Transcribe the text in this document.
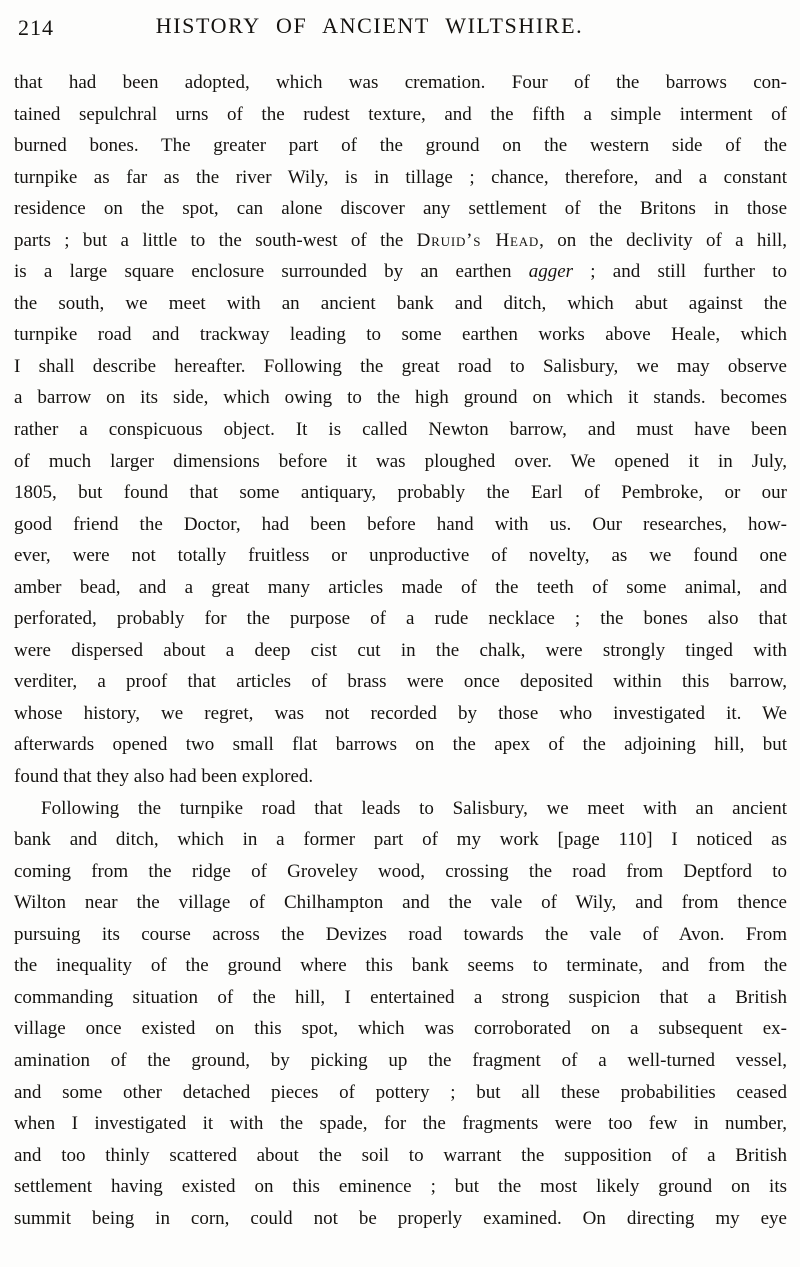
214	HISTORY OF ANCIENT WILTSHIRE.
that had been adopted, which was cremation. Four of the barrows con-
tained sepulchral urns of the rudest texture, and the fifth a simple interment of
burned bones. The greater part of the ground on the western side of the
turnpike as far as the river Wily, is in tillage ; chance, therefore, and a constant
residence on the spot, can alone discover any settlement of the Britons in those
parts ; but a little to the south-west of the Druid’s Head, on the declivity of a hill,
is a large square enclosure surrounded by an earthen agger ; and still further to
the south, we meet with an ancient bank and ditch, which abut against the
turnpike road and trackway leading to some earthen works above Heale, which
I shall describe hereafter. Following the great road to Salisbury, we may observe
a barrow on its side, which owing to the high ground on which it stands. becomes
rather a conspicuous object. It is called Newton barrow, and must have been
of much larger dimensions before it was ploughed over. We opened it in July,
1805, but found that some antiquary, probably the Earl of Pembroke, or our
good friend the Doctor, had been before hand with us. Our researches, how-
ever, were not totally fruitless or unproductive of novelty, as we found one
amber bead, and a great many articles made of the teeth of some animal, and
perforated, probably for the purpose of a rude necklace ; the bones also that
were dispersed about a deep cist cut in the chalk, were strongly tinged with
verditer, a proof that articles of brass were once deposited within this barrow,
whose history, we regret, was not recorded by those who investigated it. We
afterwards opened two small flat barrows on the apex of the adjoining hill, but
found that they also had been explored.
Following the turnpike road that leads to Salisbury, we meet with an ancient
bank and ditch, which in a former part of my work [page 110] I noticed as
coming from the ridge of Groveley wood, crossing the road from Deptford to
Wilton near the village of Chilhampton and the vale of Wily, and from thence
pursuing its course across the Devizes road towards the vale of Avon. From
the inequality of the ground where this bank seems to terminate, and from the
commanding situation of the hill, I entertained a strong suspicion that a British
village once existed on this spot, which was corroborated on a subsequent ex-
amination of the ground, by picking up the fragment of a well-turned vessel,
and some other detached pieces of pottery ; but all these probabilities ceased
when I investigated it with the spade, for the fragments were too few in number,
and too thinly scattered about the soil to warrant the supposition of a British
settlement having existed on this eminence ; but the most likely ground on its
summit being in corn, could not be properly examined. On directing my eye
